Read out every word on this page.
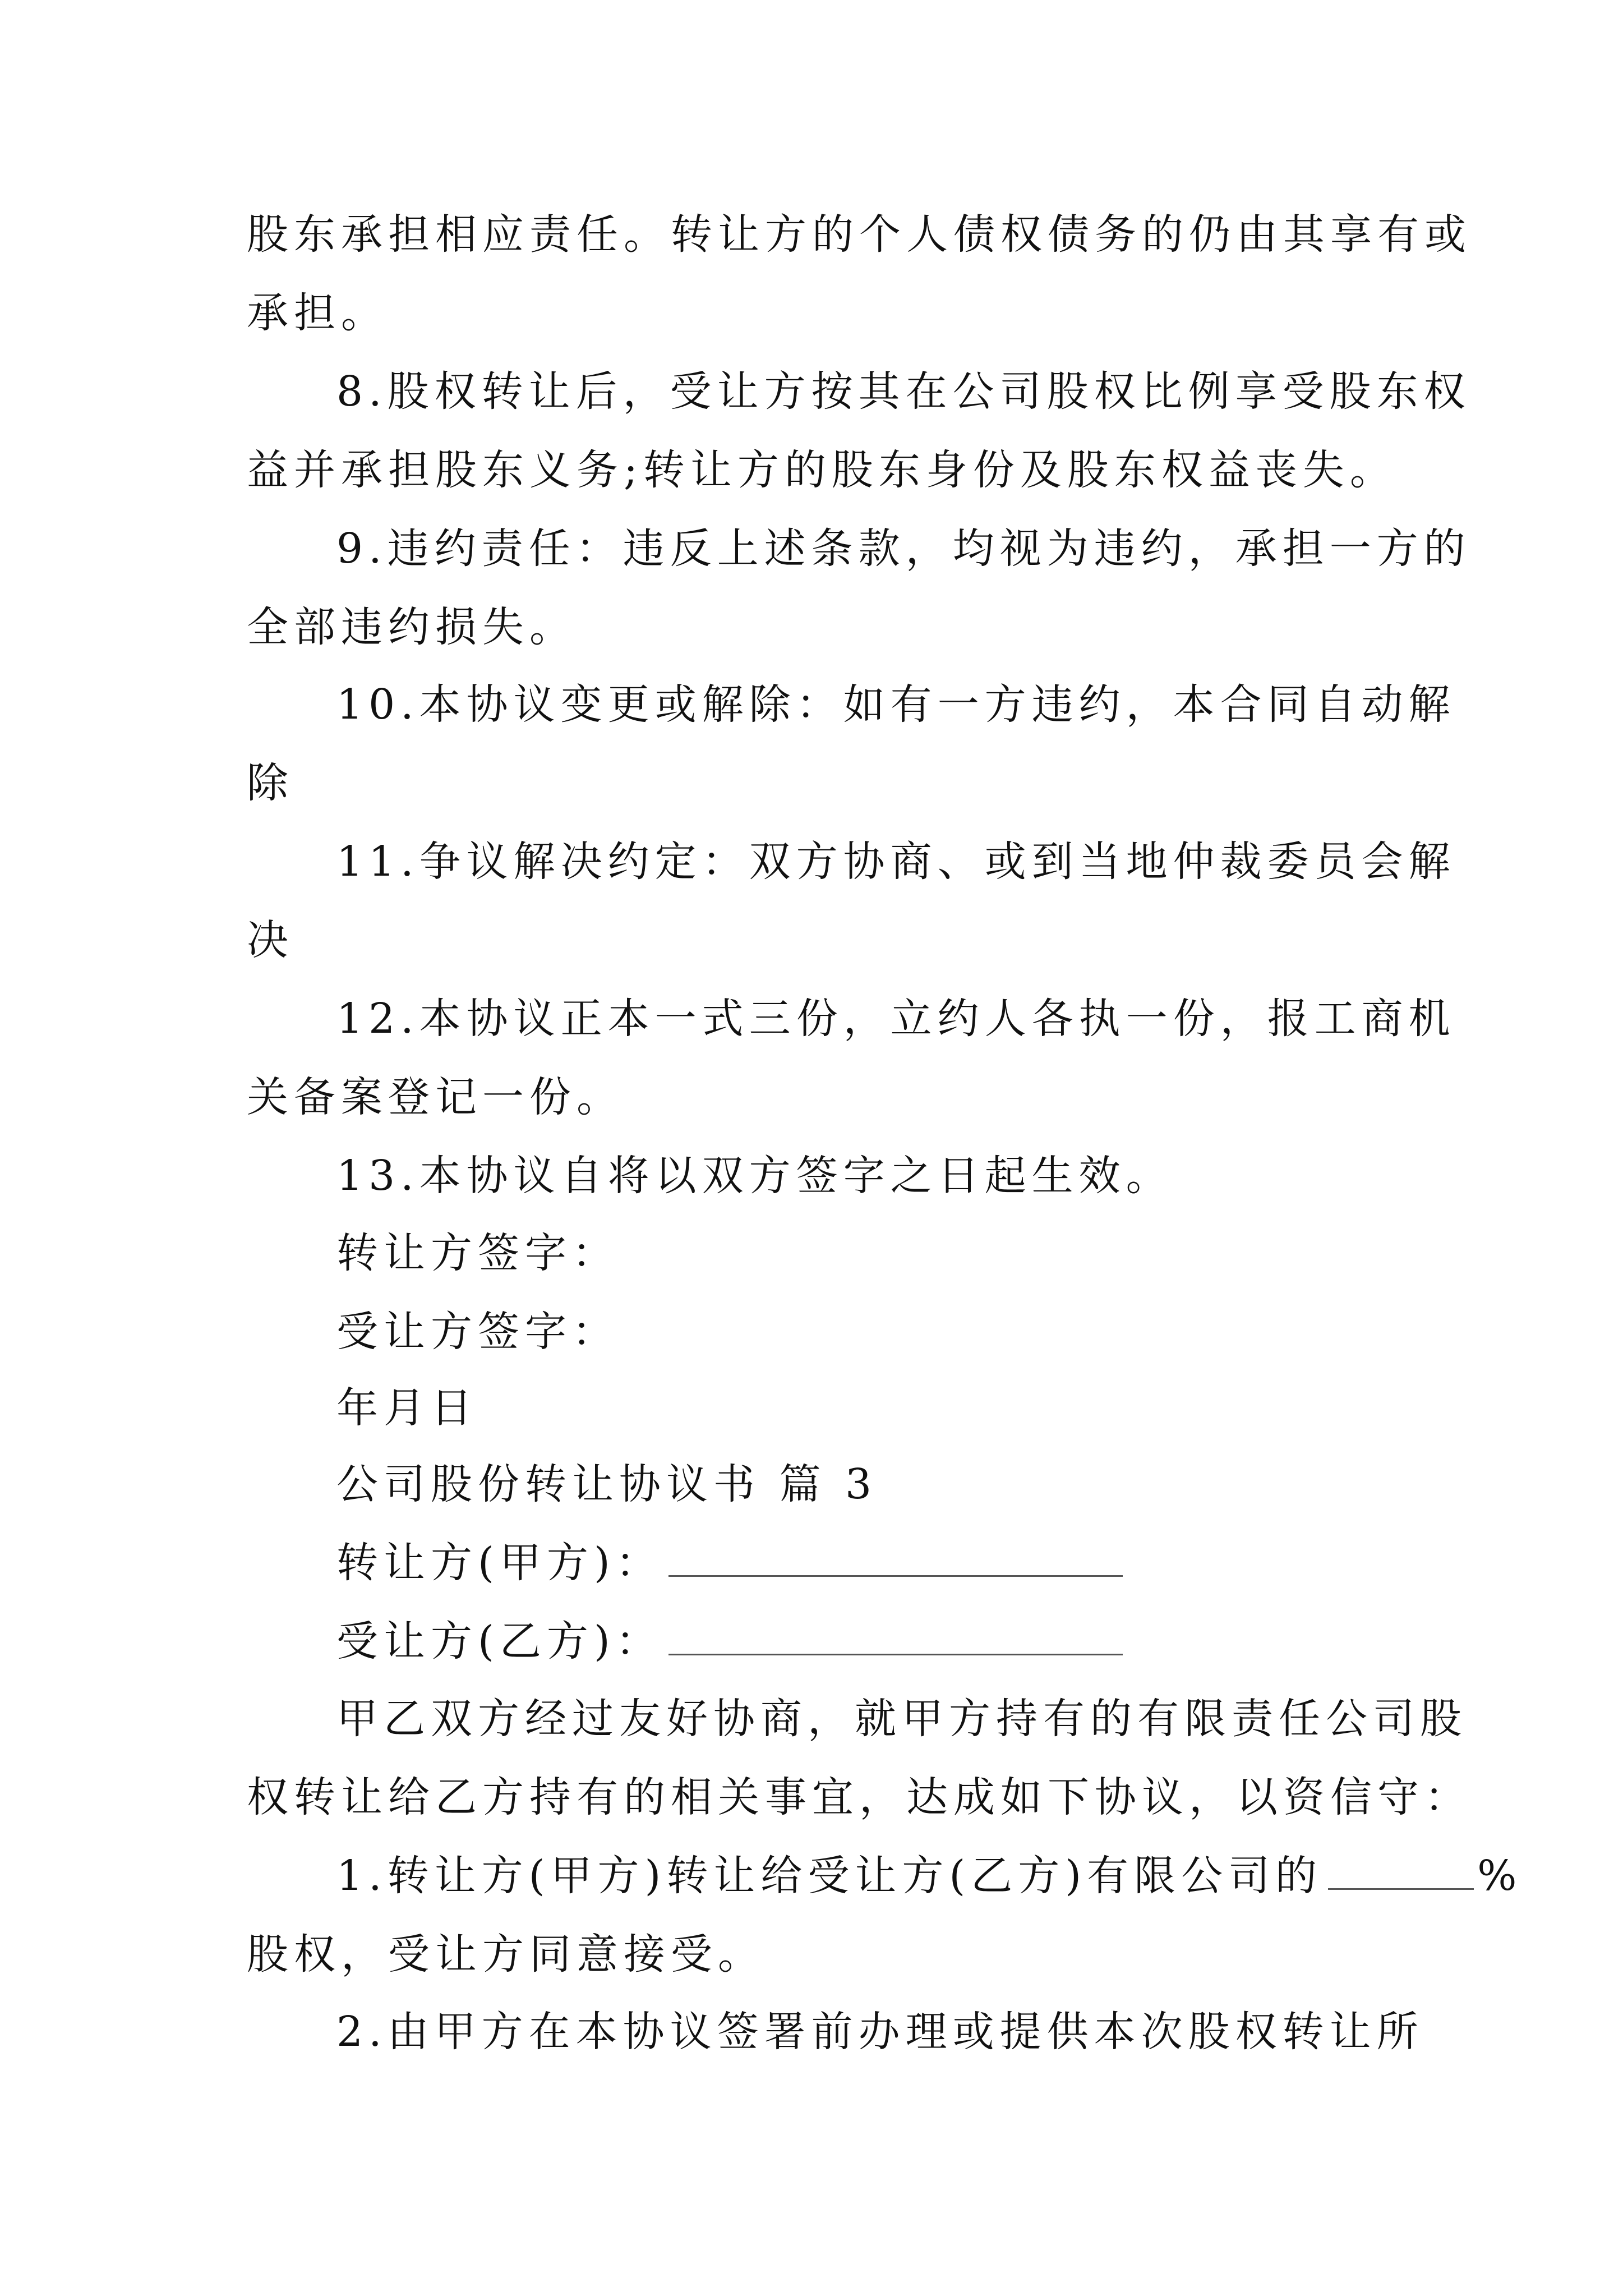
股东承担相应责任。转让方的个人债权债务的仍由其享有或
承担。
8.股权转让后，受让方按其在公司股权比例享受股东权
益并承担股东义务;转让方的股东身份及股东权益丧失。
9.违约责任：违反上述条款，均视为违约，承担一方的
全部违约损失。
10.本协议变更或解除：如有一方违约，本合同自动解
除
11.争议解决约定：双方协商、或到当地仲裁委员会解
决
12.本协议正本一式三份，立约人各执一份，报工商机
关备案登记一份。
13.本协议自将以双方签字之日起生效。
转让方签字：
受让方签字：
年月日
公司股份转让协议书 篇 3
转让方(甲方)：
受让方(乙方)：
甲乙双方经过友好协商，就甲方持有的有限责任公司股
权转让给乙方持有的相关事宜，达成如下协议，以资信守：
1.转让方(甲方)转让给受让方(乙方)有限公司的	%
股权，受让方同意接受。
2.由甲方在本协议签署前办理或提供本次股权转让所
